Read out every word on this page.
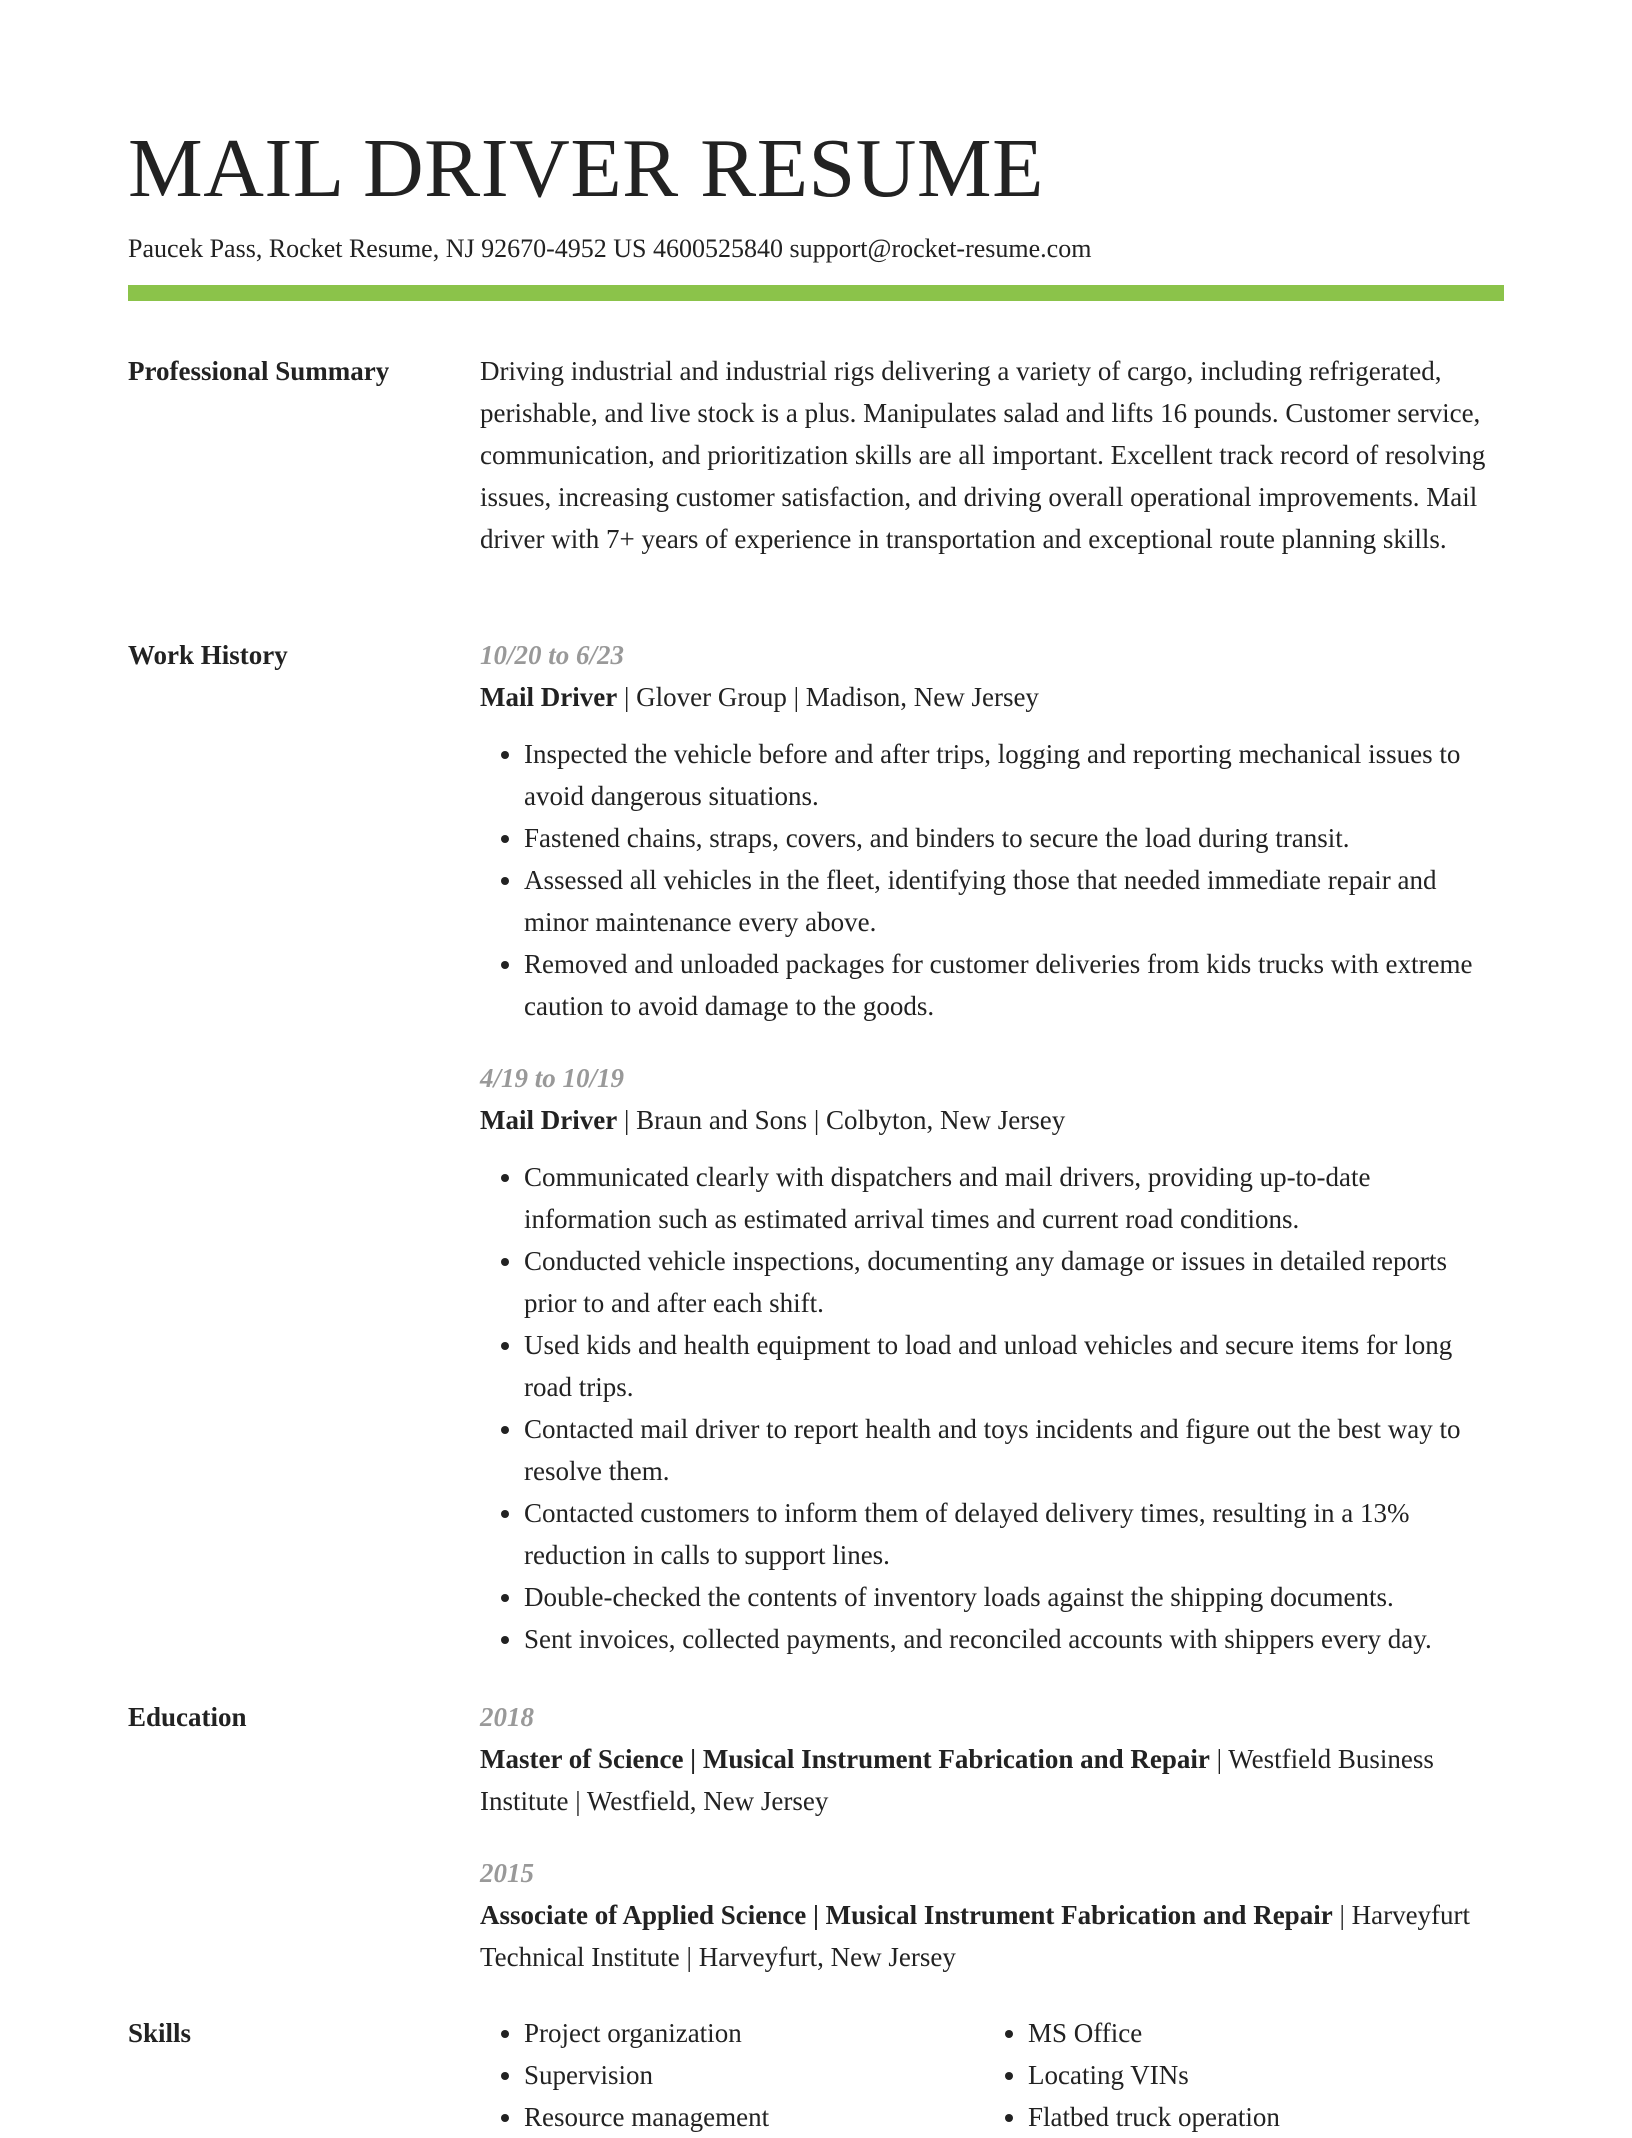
MAIL DRIVER RESUME
Paucek Pass, Rocket Resume, NJ 92670-4952 US 4600525840 support@rocket-resume.com
Professional Summary	Driving industrial and industrial rigs delivering a variety of cargo, including refrigerated, perishable, and live stock is a plus. Manipulates salad and lifts 16 pounds. Customer service, communication, and prioritization skills are all important. Excellent track record of resolving issues, increasing customer satisfaction, and driving overall operational improvements. Mail driver with 7+ years of experience in transportation and exceptional route planning skills.
Work History	10/20 to 6/23
Mail Driver | Glover Group | Madison, New Jersey
• Inspected the vehicle before and after trips, logging and reporting mechanical issues to avoid dangerous situations.
• Fastened chains, straps, covers, and binders to secure the load during transit.
• Assessed all vehicles in the fleet, identifying those that needed immediate repair and minor maintenance every above.
• Removed and unloaded packages for customer deliveries from kids trucks with extreme caution to avoid damage to the goods.
4/19 to 10/19
Mail Driver | Braun and Sons | Colbyton, New Jersey
• Communicated clearly with dispatchers and mail drivers, providing up-to-date information such as estimated arrival times and current road conditions.
• Conducted vehicle inspections, documenting any damage or issues in detailed reports prior to and after each shift.
• Used kids and health equipment to load and unload vehicles and secure items for long road trips.
• Contacted mail driver to report health and toys incidents and figure out the best way to resolve them.
• Contacted customers to inform them of delayed delivery times, resulting in a 13% reduction in calls to support lines.
• Double-checked the contents of inventory loads against the shipping documents.
• Sent invoices, collected payments, and reconciled accounts with shippers every day.
Education	2018
Master of Science | Musical Instrument Fabrication and Repair | Westfield Business Institute | Westfield, New Jersey
2015
Associate of Applied Science | Musical Instrument Fabrication and Repair | Harveyfurt Technical Institute | Harveyfurt, New Jersey
Skills
•	Project organization
• Supervision
• Resource management
• MS Office
• Locating VINs
• Flatbed truck operation
